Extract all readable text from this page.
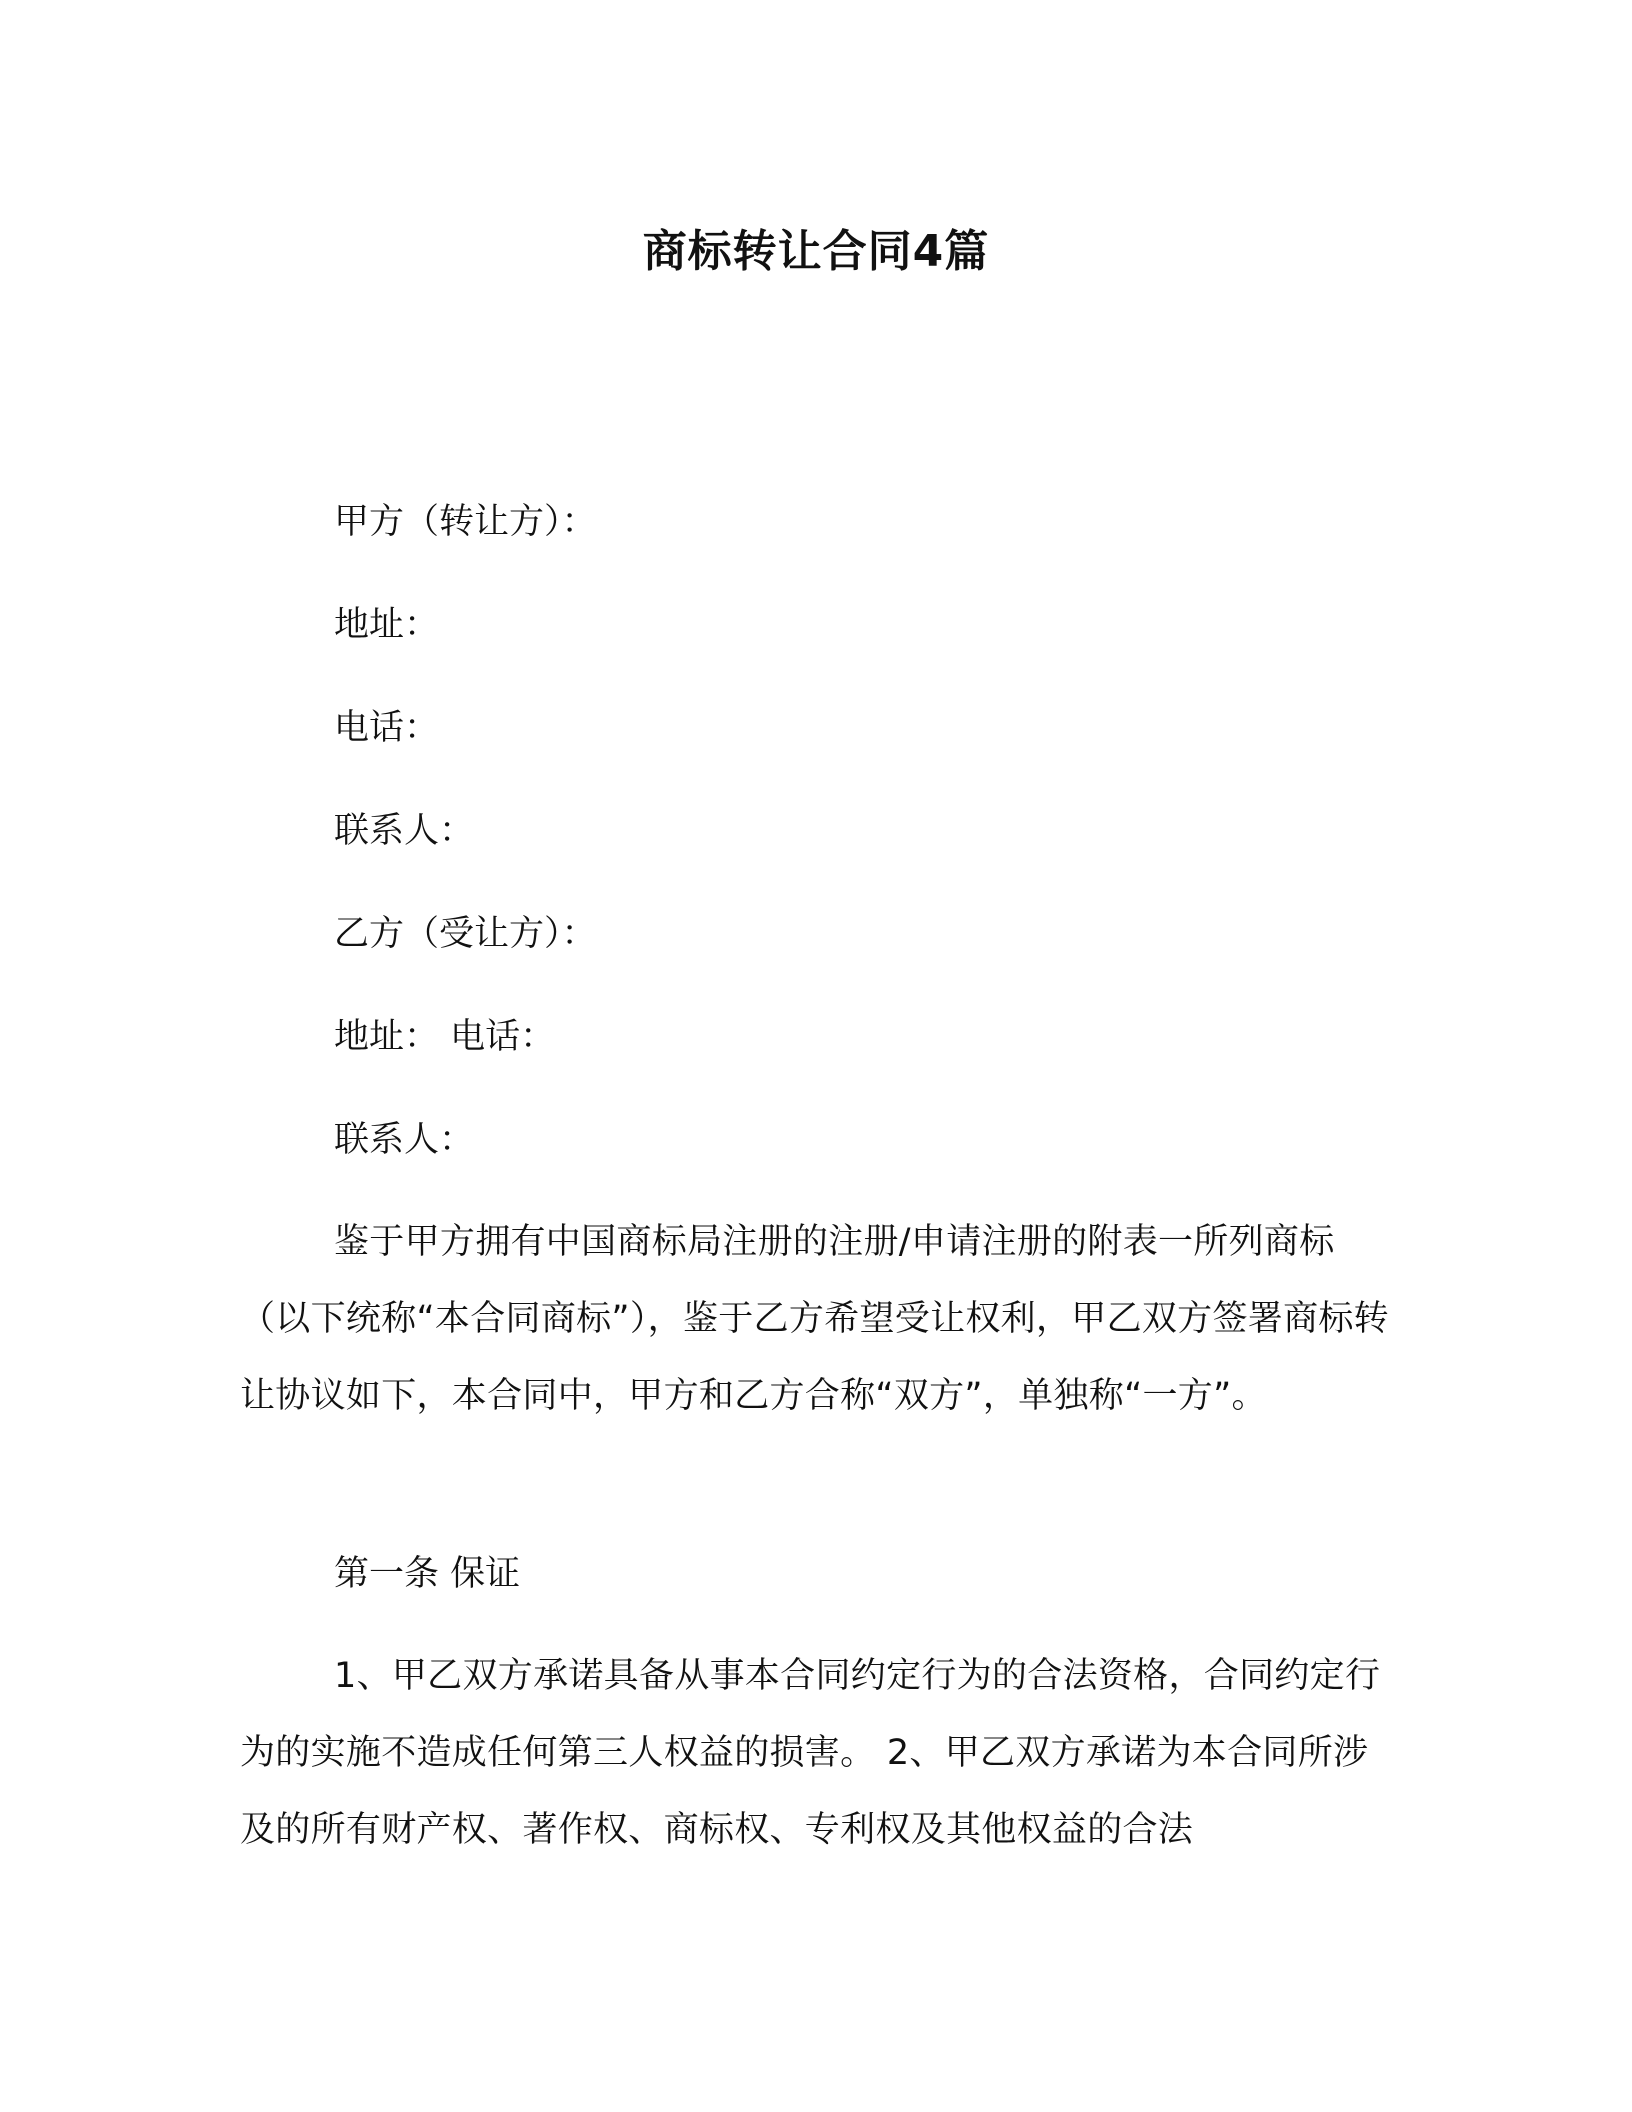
商标转让合同4篇
甲方（转让方）：
地址：
电话：
联系人：
乙方（受让方）：
地址： 电话：
联系人：
鉴于甲方拥有中国商标局注册的注册/申请注册的附表一所列商标（以下统称“本合同商标”），鉴于乙方希望受让权利，甲乙双方签署商标转让协议如下，本合同中，甲方和乙方合称“双方”，单独称“一方”。
第一条 保证
1、甲乙双方承诺具备从事本合同约定行为的合法资格，合同约定行为的实施不造成任何第三人权益的损害。 2、甲乙双方承诺为本合同所涉及的所有财产权、著作权、商标权、专利权及其他权益的合法
